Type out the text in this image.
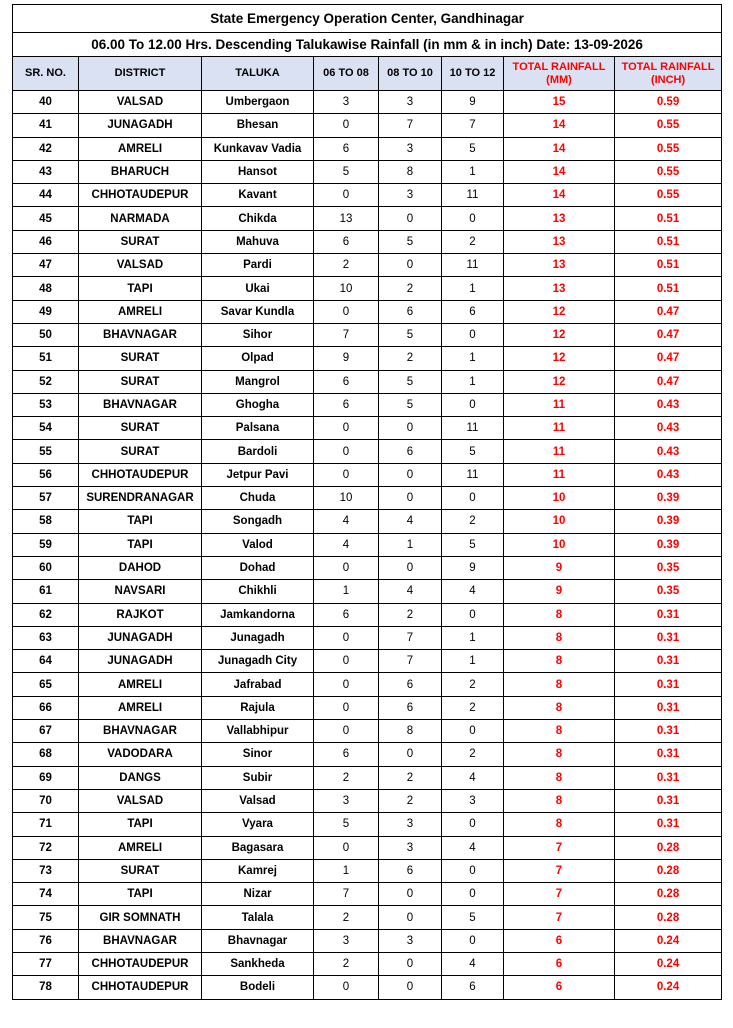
State Emergency Operation Center, Gandhinagar							
06.00 To 12.00 Hrs. Descending Talukawise Rainfall (in mm & in inch) Date: 13-09-2026							
SR. NO.	DISTRICT	TALUKA	06 TO 08	08 TO 10	10 TO 12	TOTAL RAINFALL (MM)	TOTAL RAINFALL (INCH)
40	VALSAD	Umbergaon	3	3	9	15	0.59
41	JUNAGADH	Bhesan	0	7	7	14	0.55
42	AMRELI	Kunkavav Vadia	6	3	5	14	0.55
43	BHARUCH	Hansot	5	8	1	14	0.55
44	CHHOTAUDEPUR	Kavant	0	3	11	14	0.55
45	NARMADA	Chikda	13	0	0	13	0.51
46	SURAT	Mahuva	6	5	2	13	0.51
47	VALSAD	Pardi	2	0	11	13	0.51
48	TAPI	Ukai	10	2	1	13	0.51
49	AMRELI	Savar Kundla	0	6	6	12	0.47
50	BHAVNAGAR	Sihor	7	5	0	12	0.47
51	SURAT	Olpad	9	2	1	12	0.47
52	SURAT	Mangrol	6	5	1	12	0.47
53	BHAVNAGAR	Ghogha	6	5	0	11	0.43
54	SURAT	Palsana	0	0	11	11	0.43
55	SURAT	Bardoli	0	6	5	11	0.43
56	CHHOTAUDEPUR	Jetpur Pavi	0	0	11	11	0.43
57	SURENDRANAGAR	Chuda	10	0	0	10	0.39
58	TAPI	Songadh	4	4	2	10	0.39
59	TAPI	Valod	4	1	5	10	0.39
60	DAHOD	Dohad	0	0	9	9	0.35
61	NAVSARI	Chikhli	1	4	4	9	0.35
62	RAJKOT	Jamkandorna	6	2	0	8	0.31
63	JUNAGADH	Junagadh	0	7	1	8	0.31
64	JUNAGADH	Junagadh City	0	7	1	8	0.31
65	AMRELI	Jafrabad	0	6	2	8	0.31
66	AMRELI	Rajula	0	6	2	8	0.31
67	BHAVNAGAR	Vallabhipur	0	8	0	8	0.31
68	VADODARA	Sinor	6	0	2	8	0.31
69	DANGS	Subir	2	2	4	8	0.31
70	VALSAD	Valsad	3	2	3	8	0.31
71	TAPI	Vyara	5	3	0	8	0.31
72	AMRELI	Bagasara	0	3	4	7	0.28
73	SURAT	Kamrej	1	6	0	7	0.28
74	TAPI	Nizar	7	0	0	7	0.28
75	GIR SOMNATH	Talala	2	0	5	7	0.28
76	BHAVNAGAR	Bhavnagar	3	3	0	6	0.24
77	CHHOTAUDEPUR	Sankheda	2	0	4	6	0.24
78	CHHOTAUDEPUR	Bodeli	0	0	6	6	0.24
